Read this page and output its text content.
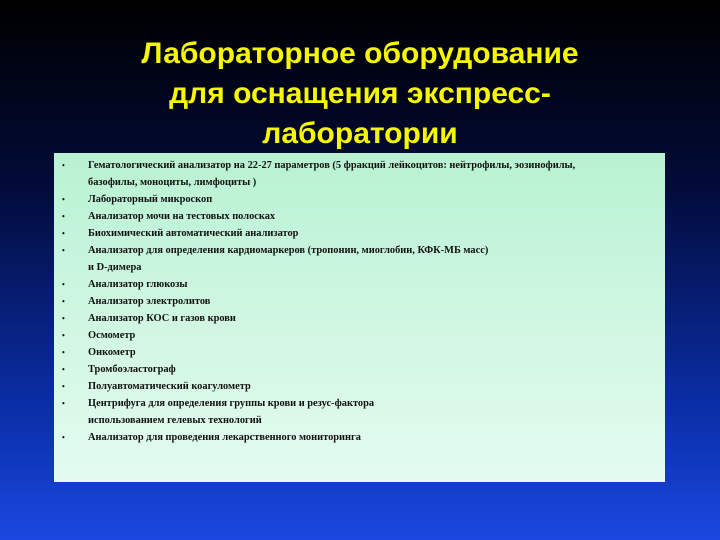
Лабораторное оборудование
для оснащения экспресс-
лаборатории
• Гематологический анализатор на 22-27 параметров (5 фракций лейкоцитов: нейтрофилы, эозинофилы,
базофилы, моноциты, лимфоциты )
• Лабораторный микроскоп
• Анализатор мочи на тестовых полосках
• Биохимический автоматический анализатор
• Анализатор для определения кардиомаркеров (тропонин, миоглобин, КФК-МБ масс)
и D-димера
• Анализатор глюкозы
• Анализатор электролитов
• Анализатор КОС и газов крови
• Осмометр
• Онкометр
• Тромбоэластограф
• Полуавтоматический коагулометр
• Центрифуга для определения группы крови и резус-фактора
использованием гелевых технологий
• Анализатор для проведения лекарственного мониторинга
